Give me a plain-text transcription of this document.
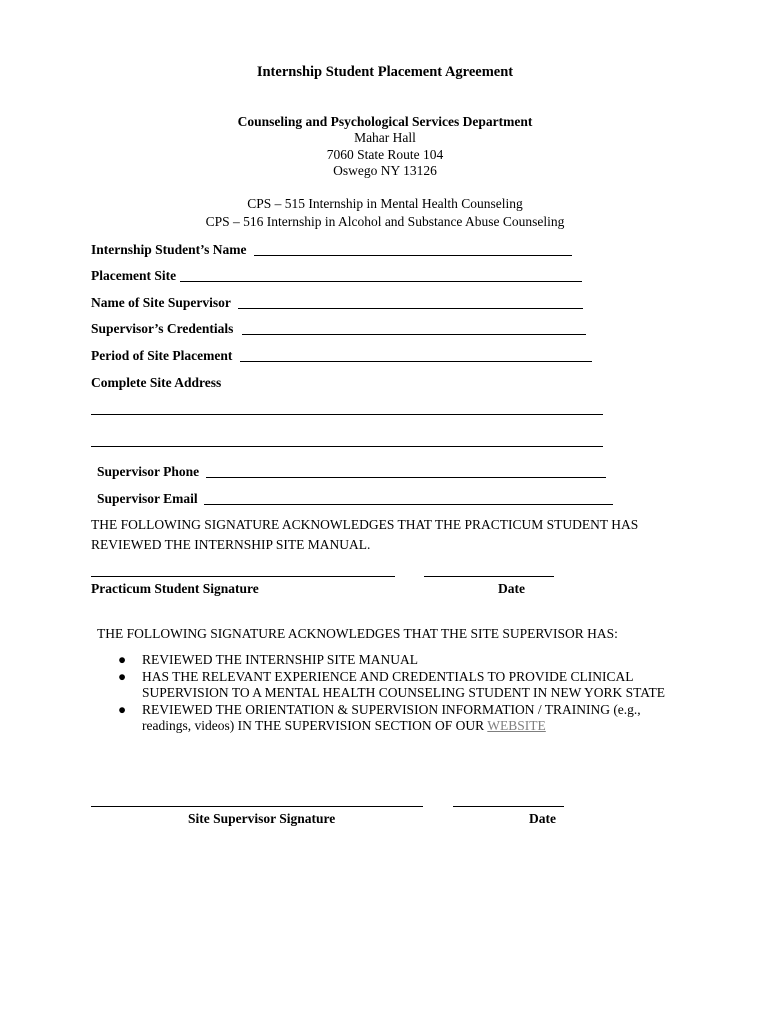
Internship Student Placement Agreement
Counseling and Psychological Services Department
Mahar Hall
7060 State Route 104
Oswego NY 13126
CPS – 515 Internship in Mental Health Counseling
CPS – 516 Internship in Alcohol and Substance Abuse Counseling
Internship Student’s Name
Placement Site
Name of Site Supervisor
Supervisor’s Credentials
Period of Site Placement
Complete Site Address
Supervisor Phone
Supervisor Email
THE FOLLOWING SIGNATURE ACKNOWLEDGES THAT THE PRACTICUM STUDENT HAS
REVIEWED THE INTERNSHIP SITE MANUAL.
Practicum Student Signature	Date
THE FOLLOWING SIGNATURE ACKNOWLEDGES THAT THE SITE SUPERVISOR HAS:
● REVIEWED THE INTERNSHIP SITE MANUAL
● HAS THE RELEVANT EXPERIENCE AND CREDENTIALS TO PROVIDE CLINICAL SUPERVISION TO A MENTAL HEALTH COUNSELING STUDENT IN NEW YORK STATE
● REVIEWED THE ORIENTATION & SUPERVISION INFORMATION / TRAINING (e.g., readings, videos) IN THE SUPERVISION SECTION OF OUR WEBSITE
Site Supervisor Signature	Date
